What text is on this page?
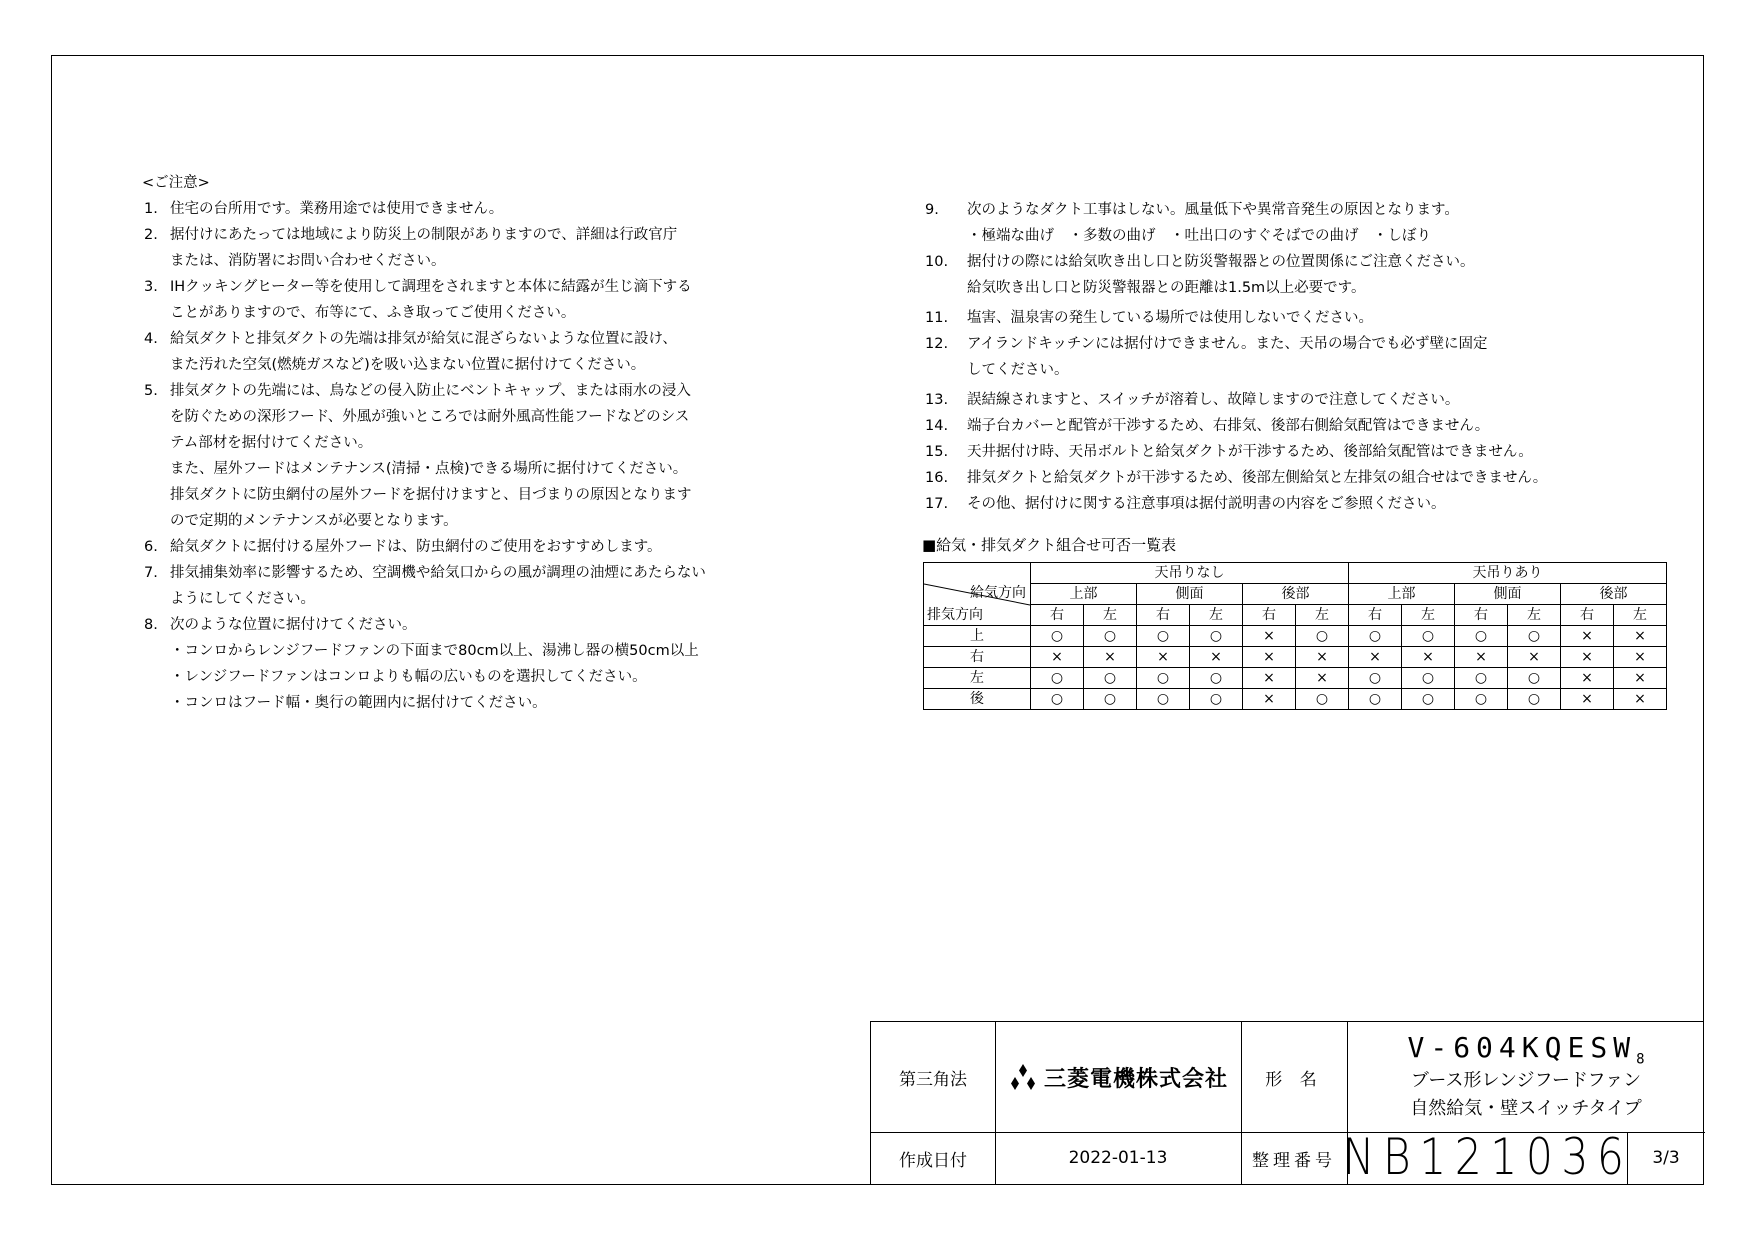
<ご注意>
1. 住宅の台所用です。業務用途では使用できません。
2. 据付けにあたっては地域により防災上の制限がありますので、詳細は行政官庁
または、消防署にお問い合わせください。
3. IHクッキングヒーター等を使用して調理をされますと本体に結露が生じ滴下する
ことがありますので、布等にて、ふき取ってご使用ください。
4. 給気ダクトと排気ダクトの先端は排気が給気に混ざらないような位置に設け、
また汚れた空気(燃焼ガスなど)を吸い込まない位置に据付けてください。
5. 排気ダクトの先端には、鳥などの侵入防止にベントキャップ、または雨水の浸入
を防ぐための深形フード、外風が強いところでは耐外風高性能フードなどのシス
テム部材を据付けてください。
また、屋外フードはメンテナンス(清掃・点検)できる場所に据付けてください。
排気ダクトに防虫網付の屋外フードを据付けますと、目づまりの原因となります
ので定期的メンテナンスが必要となります。
6. 給気ダクトに据付ける屋外フードは、防虫網付のご使用をおすすめします。
7. 排気捕集効率に影響するため、空調機や給気口からの風が調理の油煙にあたらない
ようにしてください。
8. 次のような位置に据付けてください。
・コンロからレンジフードファンの下面まで80cm以上、湯沸し器の横50cm以上
・レンジフードファンはコンロよりも幅の広いものを選択してください。
・コンロはフード幅・奥行の範囲内に据付けてください。
9. 次のようなダクト工事はしない。風量低下や異常音発生の原因となります。
・極端な曲げ　・多数の曲げ　・吐出口のすぐそばでの曲げ　・しぼり
10. 据付けの際には給気吹き出し口と防災警報器との位置関係にご注意ください。
給気吹き出し口と防災警報器との距離は1.5m以上必要です。
11. 塩害、温泉害の発生している場所では使用しないでください。
12. アイランドキッチンには据付けできません。また、天吊の場合でも必ず壁に固定
してください。
13. 誤結線されますと、スイッチが溶着し、故障しますので注意してください。
14. 端子台カバーと配管が干渉するため、右排気、後部右側給気配管はできません。
15. 天井据付け時、天吊ボルトと給気ダクトが干渉するため、後部給気配管はできません。
16. 排気ダクトと給気ダクトが干渉するため、後部左側給気と左排気の組合せはできません。
17. その他、据付けに関する注意事項は据付説明書の内容をご参照ください。
■給気・排気ダクト組合せ可否一覧表
給気方向
排気方向	天吊りなし						天吊りあり					
	上部		側面		後部		上部		側面		後部	
	右	左	右	左	右	左	右	左	右	左	右	左
上	○	○	○	○	×	○	○	○	○	○	×	×
右	×	×	×	×	×	×	×	×	×	×	×	×
左	○	○	○	○	×	×	○	○	○	○	×	×
後	○	○	○	○	×	○	○	○	○	○	×	×
第三角法	三菱電機株式会社	形 名
$V-604KQESW_8$
ブース形レンジフードファン
自然給気・壁スイッチタイプ
作成日付	2022-01-13	整理番号 NB121036	3/3
